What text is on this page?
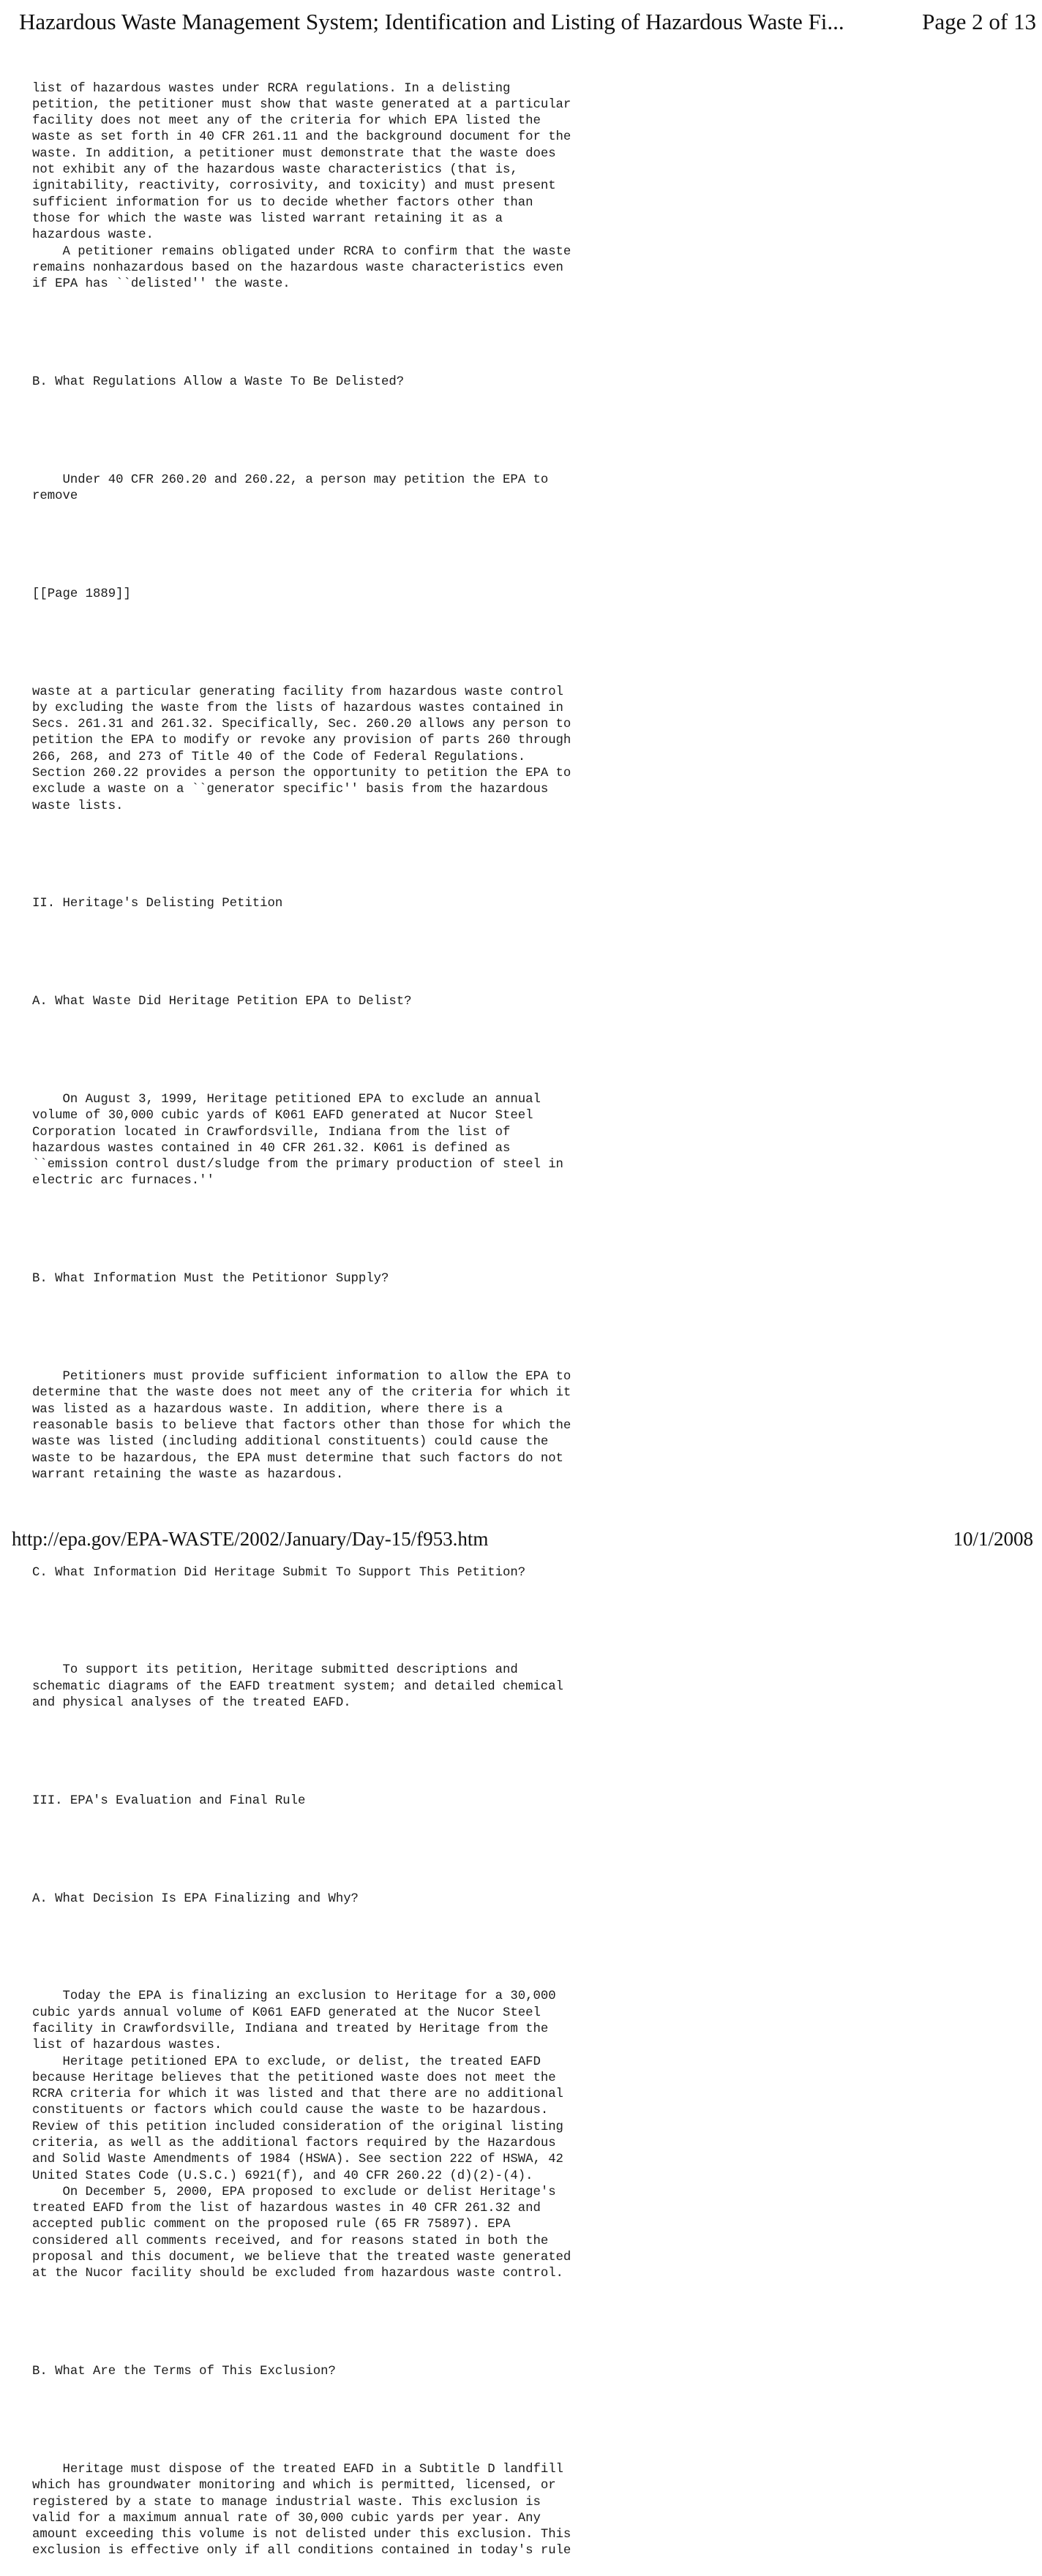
Hazardous Waste Management System; Identification and Listing of Hazardous Waste Fi...	Page 2 of 13

list of hazardous wastes under RCRA regulations. In a delisting
petition, the petitioner must show that waste generated at a particular
facility does not meet any of the criteria for which EPA listed the
waste as set forth in 40 CFR 261.11 and the background document for the
waste. In addition, a petitioner must demonstrate that the waste does
not exhibit any of the hazardous waste characteristics (that is,
ignitability, reactivity, corrosivity, and toxicity) and must present
sufficient information for us to decide whether factors other than
those for which the waste was listed warrant retaining it as a
hazardous waste.
A petitioner remains obligated under RCRA to confirm that the waste
remains nonhazardous based on the hazardous waste characteristics even
if EPA has ``delisted'' the waste.

B. What Regulations Allow a Waste To Be Delisted?

Under 40 CFR 260.20 and 260.22, a person may petition the EPA to
remove

[[Page 1889]]

waste at a particular generating facility from hazardous waste control
by excluding the waste from the lists of hazardous wastes contained in
Secs. 261.31 and 261.32. Specifically, Sec. 260.20 allows any person to
petition the EPA to modify or revoke any provision of parts 260 through
266, 268, and 273 of Title 40 of the Code of Federal Regulations.
Section 260.22 provides a person the opportunity to petition the EPA to
exclude a waste on a ``generator specific'' basis from the hazardous
waste lists.

II. Heritage's Delisting Petition

A. What Waste Did Heritage Petition EPA to Delist?

On August 3, 1999, Heritage petitioned EPA to exclude an annual
volume of 30,000 cubic yards of K061 EAFD generated at Nucor Steel
Corporation located in Crawfordsville, Indiana from the list of
hazardous wastes contained in 40 CFR 261.32. K061 is defined as
``emission control dust/sludge from the primary production of steel in
electric arc furnaces.''

B. What Information Must the Petitionor Supply?

Petitioners must provide sufficient information to allow the EPA to
determine that the waste does not meet any of the criteria for which it
was listed as a hazardous waste. In addition, where there is a
reasonable basis to believe that factors other than those for which the
waste was listed (including additional constituents) could cause the
waste to be hazardous, the EPA must determine that such factors do not
warrant retaining the waste as hazardous.

C. What Information Did Heritage Submit To Support This Petition?

To support its petition, Heritage submitted descriptions and
schematic diagrams of the EAFD treatment system; and detailed chemical
and physical analyses of the treated EAFD.

III. EPA's Evaluation and Final Rule

A. What Decision Is EPA Finalizing and Why?

Today the EPA is finalizing an exclusion to Heritage for a 30,000
cubic yards annual volume of K061 EAFD generated at the Nucor Steel
facility in Crawfordsville, Indiana and treated by Heritage from the
list of hazardous wastes.
Heritage petitioned EPA to exclude, or delist, the treated EAFD
because Heritage believes that the petitioned waste does not meet the
RCRA criteria for which it was listed and that there are no additional
constituents or factors which could cause the waste to be hazardous.
Review of this petition included consideration of the original listing
criteria, as well as the additional factors required by the Hazardous
and Solid Waste Amendments of 1984 (HSWA). See section 222 of HSWA, 42
United States Code (U.S.C.) 6921(f), and 40 CFR 260.22 (d)(2)-(4).
On December 5, 2000, EPA proposed to exclude or delist Heritage's
treated EAFD from the list of hazardous wastes in 40 CFR 261.32 and
accepted public comment on the proposed rule (65 FR 75897). EPA
considered all comments received, and for reasons stated in both the
proposal and this document, we believe that the treated waste generated
at the Nucor facility should be excluded from hazardous waste control.

B. What Are the Terms of This Exclusion?

Heritage must dispose of the treated EAFD in a Subtitle D landfill
which has groundwater monitoring and which is permitted, licensed, or
registered by a state to manage industrial waste. This exclusion is
valid for a maximum annual rate of 30,000 cubic yards per year. Any
amount exceeding this volume is not delisted under this exclusion. This
exclusion is effective only if all conditions contained in today's rule

http://epa.gov/EPA-WASTE/2002/January/Day-15/f953.htm	10/1/2008
